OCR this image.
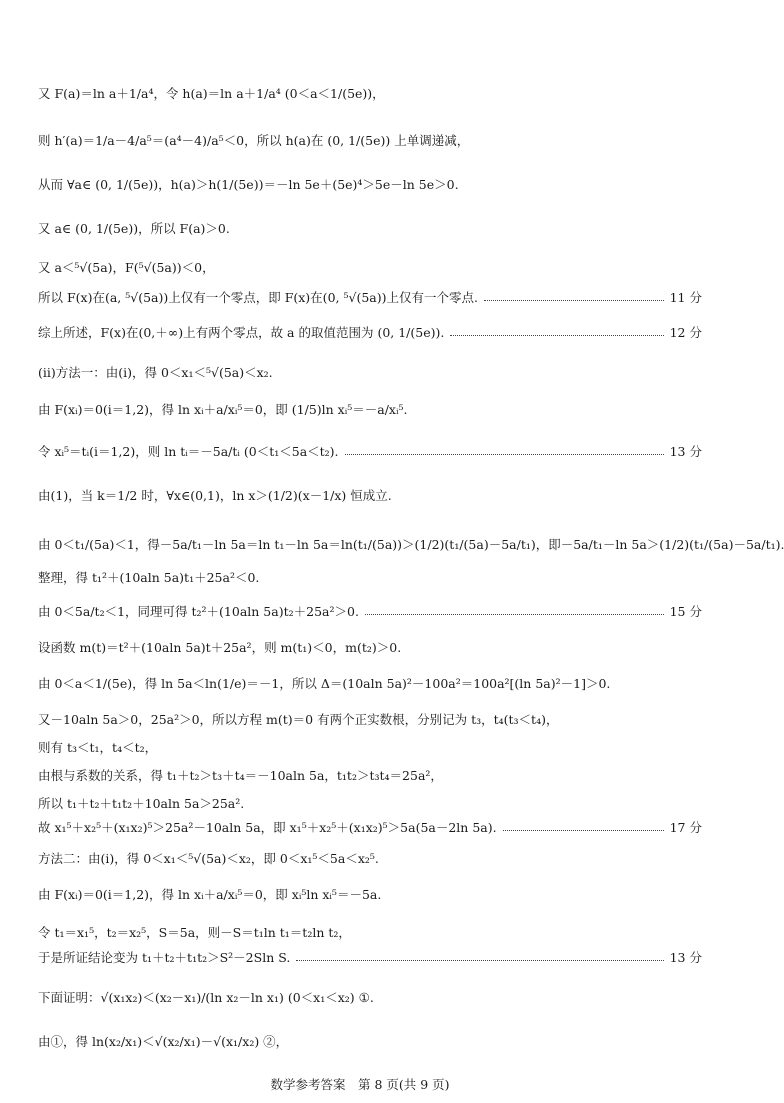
又 F(a)＝ln a＋1/a⁴，令 h(a)＝ln a＋1/a⁴ (0＜a＜1/(5e))，
则 h′(a)＝1/a－4/a⁵＝(a⁴－4)/a⁵＜0，所以 h(a)在 (0, 1/(5e)) 上单调递减，
从而 ∀a∈ (0, 1/(5e))，h(a)＞h(1/(5e))＝－ln 5e＋(5e)⁴＞5e－ln 5e＞0.
又 a∈ (0, 1/(5e))，所以 F(a)＞0.
又 a＜⁵√(5a)，F(⁵√(5a))＜0，
所以 F(x)在(a, ⁵√(5a))上仅有一个零点，即 F(x)在(0, ⁵√(5a))上仅有一个零点.	11 分
综上所述，F(x)在(0,＋∞)上有两个零点，故 a 的取值范围为 (0, 1/(5e)).	12 分
(ii)方法一：由(i)，得 0＜x₁＜⁵√(5a)＜x₂.
由 F(xᵢ)＝0(i＝1,2)，得 ln xᵢ＋a/xᵢ⁵＝0，即 (1/5)ln xᵢ⁵＝－a/xᵢ⁵.
令 xᵢ⁵＝tᵢ(i＝1,2)，则 ln tᵢ＝－5a/tᵢ (0＜t₁＜5a＜t₂).	13 分
由(1)，当 k＝1/2 时，∀x∈(0,1)，ln x＞(1/2)(x－1/x) 恒成立.
由 0＜t₁/(5a)＜1，得－5a/t₁－ln 5a＝ln t₁－ln 5a＝ln(t₁/(5a))＞(1/2)(t₁/(5a)－5a/t₁)，即－5a/t₁－ln 5a＞(1/2)(t₁/(5a)－5a/t₁).
整理，得 t₁²＋(10aln 5a)t₁＋25a²＜0.
由 0＜5a/t₂＜1，同理可得 t₂²＋(10aln 5a)t₂＋25a²＞0.	15 分
设函数 m(t)＝t²＋(10aln 5a)t＋25a²，则 m(t₁)＜0，m(t₂)＞0.
由 0＜a＜1/(5e)，得 ln 5a＜ln(1/e)＝－1，所以 Δ＝(10aln 5a)²－100a²＝100a²[(ln 5a)²－1]＞0.
又－10aln 5a＞0，25a²＞0，所以方程 m(t)＝0 有两个正实数根，分别记为 t₃，t₄(t₃＜t₄)，
则有 t₃＜t₁，t₄＜t₂，
由根与系数的关系，得 t₁＋t₂＞t₃＋t₄＝－10aln 5a，t₁t₂＞t₃t₄＝25a²，
所以 t₁＋t₂＋t₁t₂＋10aln 5a＞25a².
故 x₁⁵＋x₂⁵＋(x₁x₂)⁵＞25a²－10aln 5a，即 x₁⁵＋x₂⁵＋(x₁x₂)⁵＞5a(5a－2ln 5a).	17 分
方法二：由(i)，得 0＜x₁＜⁵√(5a)＜x₂，即 0＜x₁⁵＜5a＜x₂⁵.
由 F(xᵢ)＝0(i＝1,2)，得 ln xᵢ＋a/xᵢ⁵＝0，即 xᵢ⁵ln xᵢ⁵＝－5a.
令 t₁＝x₁⁵，t₂＝x₂⁵，S＝5a，则－S＝t₁ln t₁＝t₂ln t₂，
于是所证结论变为 t₁＋t₂＋t₁t₂＞S²－2Sln S.	13 分
下面证明：√(x₁x₂)＜(x₂－x₁)/(ln x₂－ln x₁) (0＜x₁＜x₂) ①.
由①，得 ln(x₂/x₁)＜√(x₂/x₁)－√(x₁/x₂) ②，
数学参考答案　第 8 页(共 9 页)
